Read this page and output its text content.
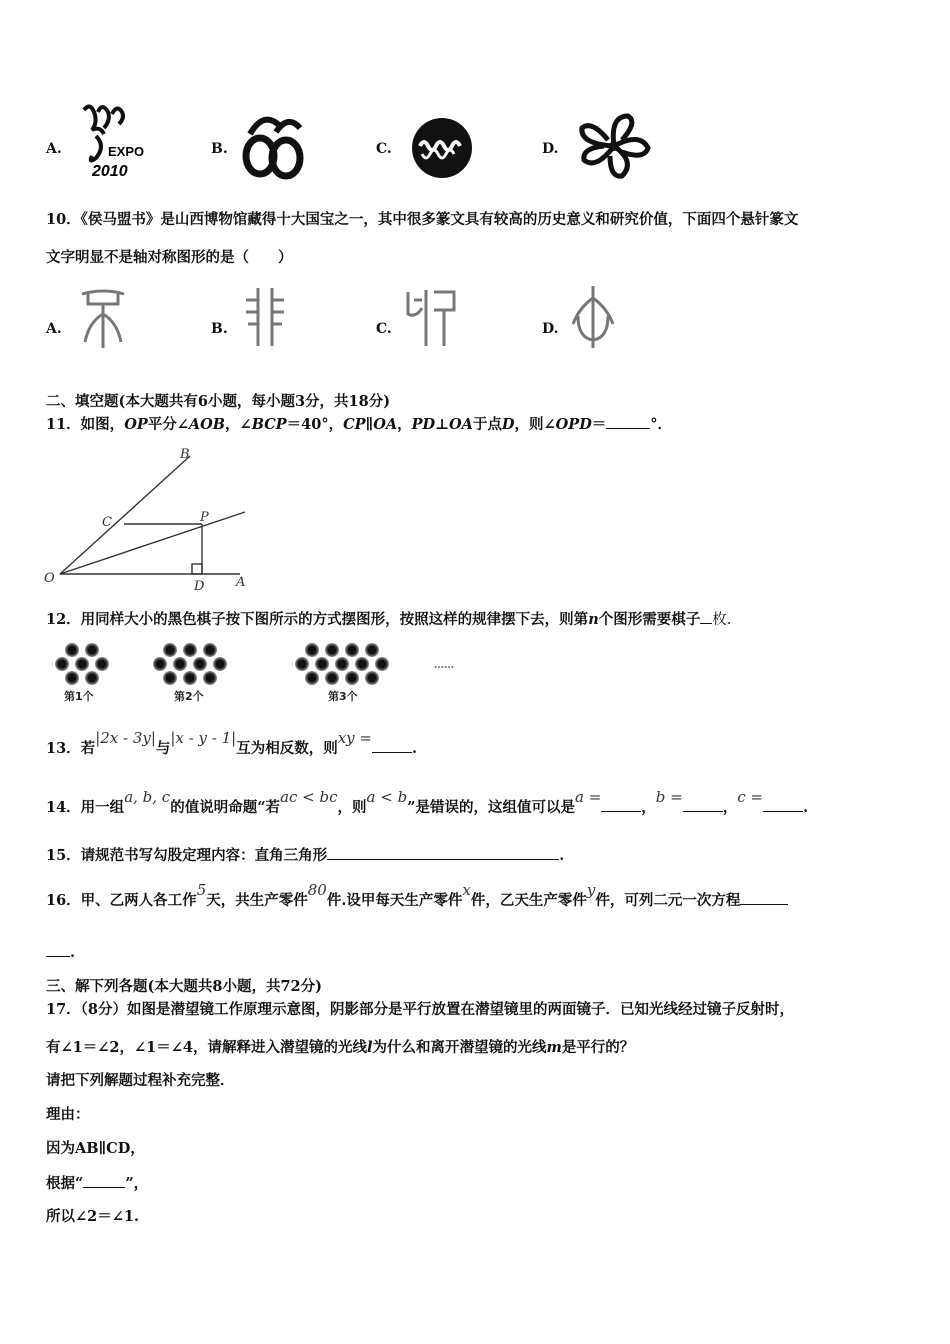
A.	EXPO
2010
B.	C.	D.
10．《侯马盟书》是山西博物馆藏得十大国宝之一，其中很多篆文具有较高的历史意义和研究价值，下面四个悬针篆文
文字明显不是轴对称图形的是（　　）
A.	B.	C.	D.
二、填空题(本大题共有6小题，每小题3分，共18分)
11．如图，OP平分∠AOB，∠BCP＝40°，CP∥OA，PD⊥OA于点D，则∠OPD＝	°．
B
C	P
O
D A
12．用同样大小的黑色棋子按下图所示的方式摆图形，按照这样的规律摆下去，则第n个图形需要棋子 枚.
第1个	第2个	第3个
……
13．若|2x - 3y|与|x - y - 1|互为相反数，则xy =.
14．用一组a, b, c的值说明命题“若ac < bc，则a < b”是错误的，这组值可以是a =，b =，c =.
15．请规范书写勾股定理内容：直角三角形	.
16．甲、乙两人各工作5天，共生产零件80件.设甲每天生产零件x件，乙天生产零件y件，可列二元一次方程
.
三、解下列各题(本大题共8小题，共72分)
17．（8分）如图是潜望镜工作原理示意图，阴影部分是平行放置在潜望镜里的两面镜子．已知光线经过镜子反射时，
有∠1＝∠2，∠1＝∠4，请解释进入潜望镜的光线l为什么和离开潜望镜的光线m是平行的？
请把下列解题过程补充完整．
理由：
因为AB∥CD，
根据“	”，
所以∠2＝∠1.
